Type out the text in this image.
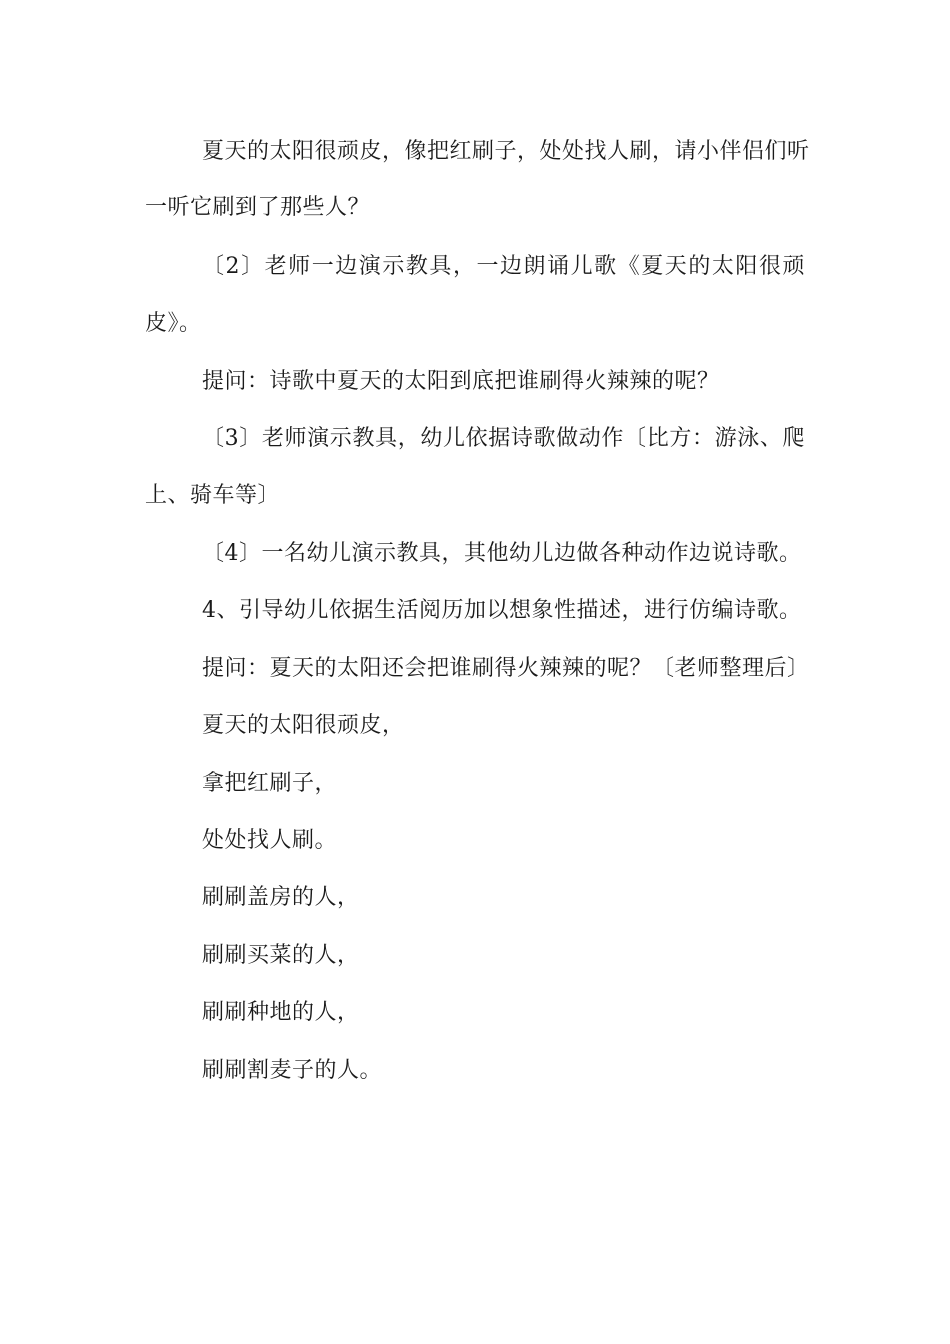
夏天的太阳很顽皮，像把红刷子，处处找人刷，请小伴侣们听
一听它刷到了那些人？
〔2〕老师一边演示教具，一边朗诵儿歌《夏天的太阳很顽
皮》。
提问：诗歌中夏天的太阳到底把谁刷得火辣辣的呢？
〔3〕老师演示教具，幼儿依据诗歌做动作〔比方：游泳、爬
上、骑车等〕
〔4〕一名幼儿演示教具，其他幼儿边做各种动作边说诗歌。
4、引导幼儿依据生活阅历加以想象性描述，进行仿编诗歌。
提问：夏天的太阳还会把谁刷得火辣辣的呢？〔老师整理后〕
夏天的太阳很顽皮，
拿把红刷子，
处处找人刷。
刷刷盖房的人，
刷刷买菜的人，
刷刷种地的人，
刷刷割麦子的人。
